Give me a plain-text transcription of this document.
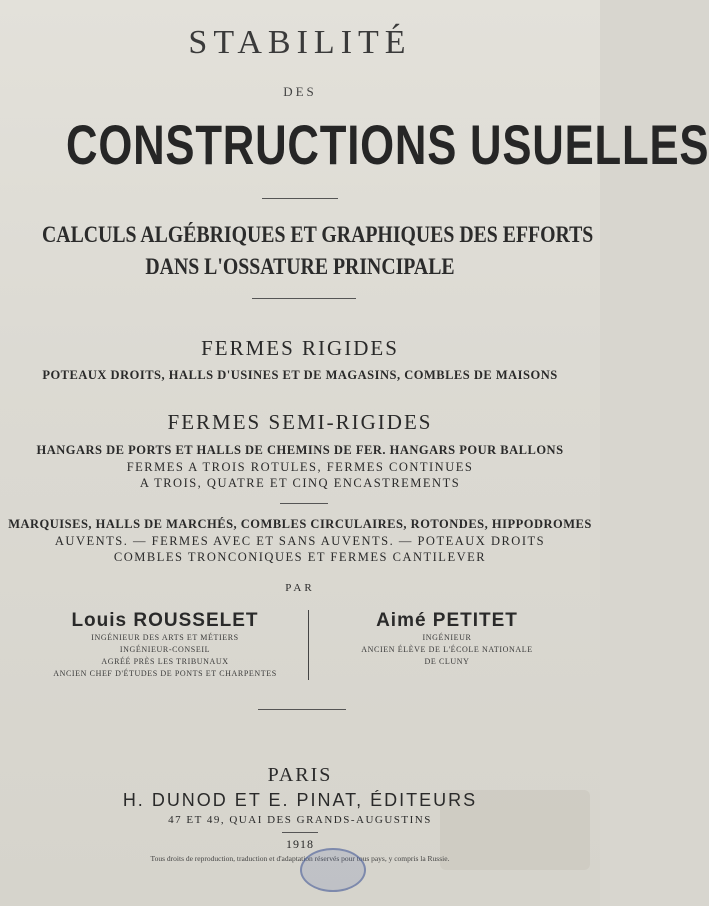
STABILITÉ
DES
CONSTRUCTIONS USUELLES
CALCULS ALGÉBRIQUES ET GRAPHIQUES DES EFFORTS
DANS L'OSSATURE PRINCIPALE
FERMES RIGIDES
POTEAUX DROITS, HALLS D'USINES ET DE MAGASINS, COMBLES DE MAISONS
FERMES SEMI-RIGIDES
HANGARS DE PORTS ET HALLS DE CHEMINS DE FER. HANGARS POUR BALLONS
FERMES A TROIS ROTULES, FERMES CONTINUES
A TROIS, QUATRE ET CINQ ENCASTREMENTS
MARQUISES, HALLS DE MARCHÉS, COMBLES CIRCULAIRES, ROTONDES, HIPPODROMES
AUVENTS. — FERMES AVEC ET SANS AUVENTS. — POTEAUX DROITS
COMBLES TRONCONIQUES ET FERMES CANTILEVER
PAR
Louis ROUSSELET
INGÉNIEUR DES ARTS ET MÉTIERS
INGÉNIEUR-CONSEIL
AGRÉÉ PRÈS LES TRIBUNAUX
ANCIEN CHEF D'ÉTUDES DE PONTS ET CHARPENTES
Aimé PETITET
INGÉNIEUR
ANCIEN ÉLÈVE DE L'ÉCOLE NATIONALE
DE CLUNY
PARIS
H. DUNOD ET E. PINAT, ÉDITEURS
47 ET 49, QUAI DES GRANDS-AUGUSTINS
1918
Tous droits de reproduction, traduction et d'adaptation réservés pour tous pays, y compris la Russie.
